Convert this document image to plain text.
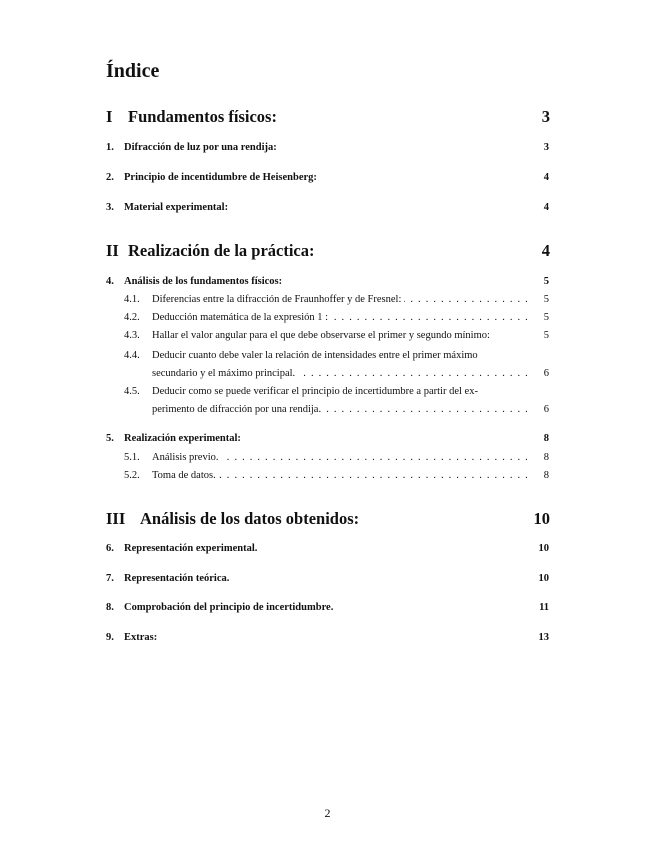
Índice
I Fundamentos físicos:	3
1. Difracción de luz por una rendija:	3
2. Principio de incentidumbre de Heisenberg:	4
3. Material experimental:	4
II Realización de la práctica:	4
4. Análisis de los fundamentos físicos:	5
4.1.	Diferencias entre la difracción de Fraunhoffer y de Fresnel: . . .	5
4.2.	Deducción matemática de la expresión 1 : . . .	5
4.3.	Hallar el valor angular para el que debe observarse el primer y segundo mínimo:	5
4.4.	Deducir cuanto debe valer la relación de intensidades entre el primer máximo
secundario y el máximo principal. . . .	6
4.5.	Deducir como se puede verificar el principio de incertidumbre a partir del ex-
perimento de difracción por una rendija. . . .	6
5. Realización experimental:	8
5.1.	Análisis previo. . . .	8
5.2.	Toma de datos. . . .	8
III Análisis de los datos obtenidos:	10
6. Representación experimental.	10
7. Representación teórica.	10
8. Comprobación del principio de incertidumbre.	11
9. Extras:	13
2
